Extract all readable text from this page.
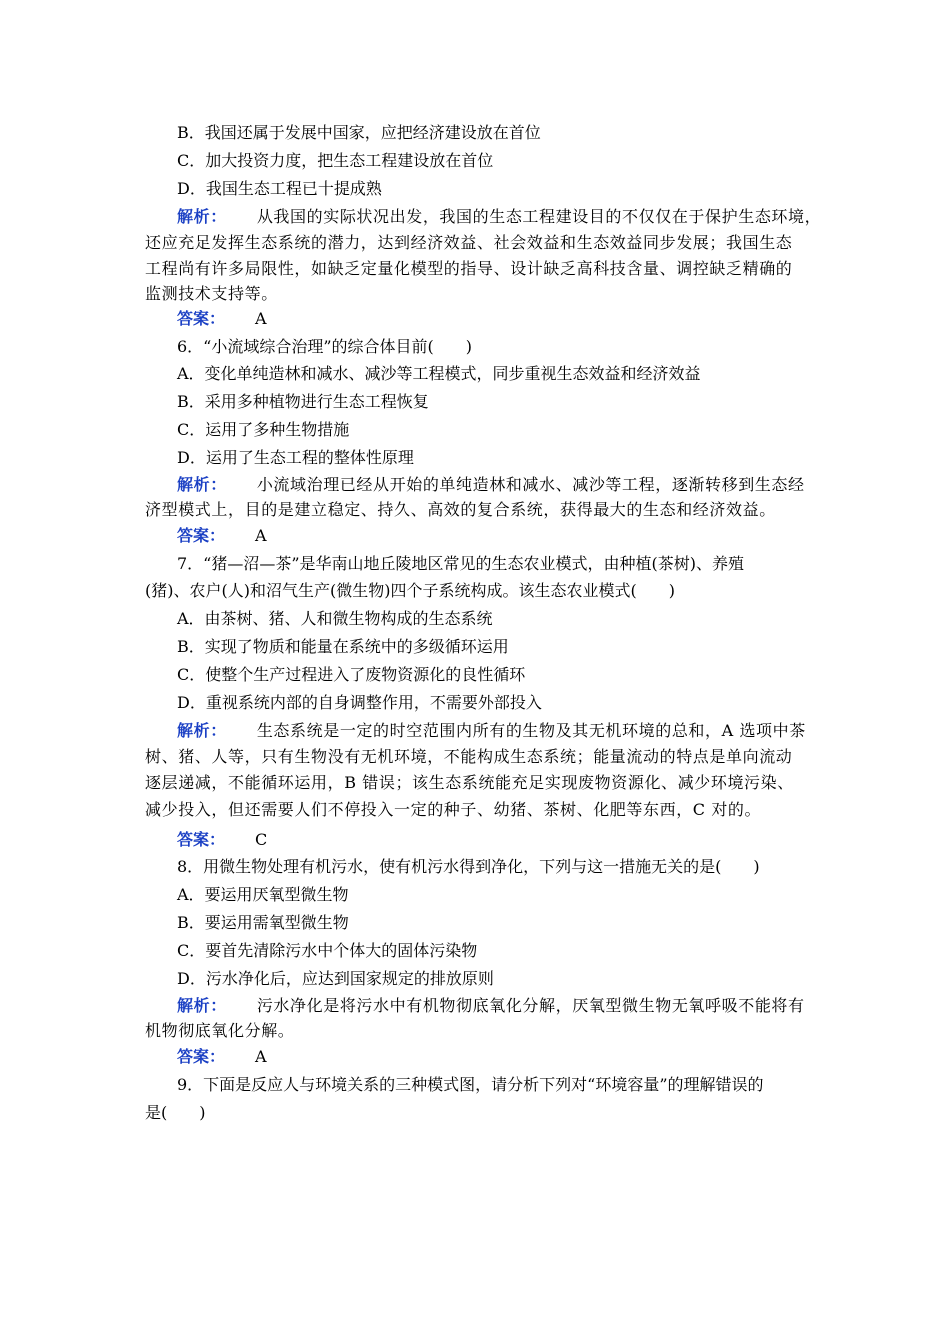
B．我国还属于发展中国家，应把经济建设放在首位
C．加大投资力度，把生态工程建设放在首位
D．我国生态工程已十提成熟
解析： 从我国的实际状况出发，我国的生态工程建设目的不仅仅在于保护生态环境，
还应充足发挥生态系统的潜力，达到经济效益、社会效益和生态效益同步发展；我国生态
工程尚有许多局限性，如缺乏定量化模型的指导、设计缺乏高科技含量、调控缺乏精确的
监测技术支持等。
答案： A
6．“小流域综合治理”的综合体目前(　　)
A．变化单纯造林和减水、减沙等工程模式，同步重视生态效益和经济效益
B．采用多种植物进行生态工程恢复
C．运用了多种生物措施
D．运用了生态工程的整体性原理
解析： 小流域治理已经从开始的单纯造林和减水、减沙等工程，逐渐转移到生态经
济型模式上，目的是建立稳定、持久、高效的复合系统，获得最大的生态和经济效益。
答案： A
7．“猪—沼—茶”是华南山地丘陵地区常见的生态农业模式，由种植(茶树)、养殖
(猪)、农户(人)和沼气生产(微生物)四个子系统构成。该生态农业模式(　　)
A．由茶树、猪、人和微生物构成的生态系统
B．实现了物质和能量在系统中的多级循环运用
C．使整个生产过程进入了废物资源化的良性循环
D．重视系统内部的自身调整作用，不需要外部投入
解析： 生态系统是一定的时空范围内所有的生物及其无机环境的总和，A 选项中茶
树、猪、人等，只有生物没有无机环境，不能构成生态系统；能量流动的特点是单向流动
逐层递减，不能循环运用，B 错误；该生态系统能充足实现废物资源化、减少环境污染、
减少投入，但还需要人们不停投入一定的种子、幼猪、茶树、化肥等东西，C 对的。
答案： C
8．用微生物处理有机污水，使有机污水得到净化，下列与这一措施无关的是(　　)
A．要运用厌氧型微生物
B．要运用需氧型微生物
C．要首先清除污水中个体大的固体污染物
D．污水净化后，应达到国家规定的排放原则
解析： 污水净化是将污水中有机物彻底氧化分解，厌氧型微生物无氧呼吸不能将有
机物彻底氧化分解。
答案： A
9．下面是反应人与环境关系的三种模式图，请分析下列对“环境容量”的理解错误的
是(　　)
